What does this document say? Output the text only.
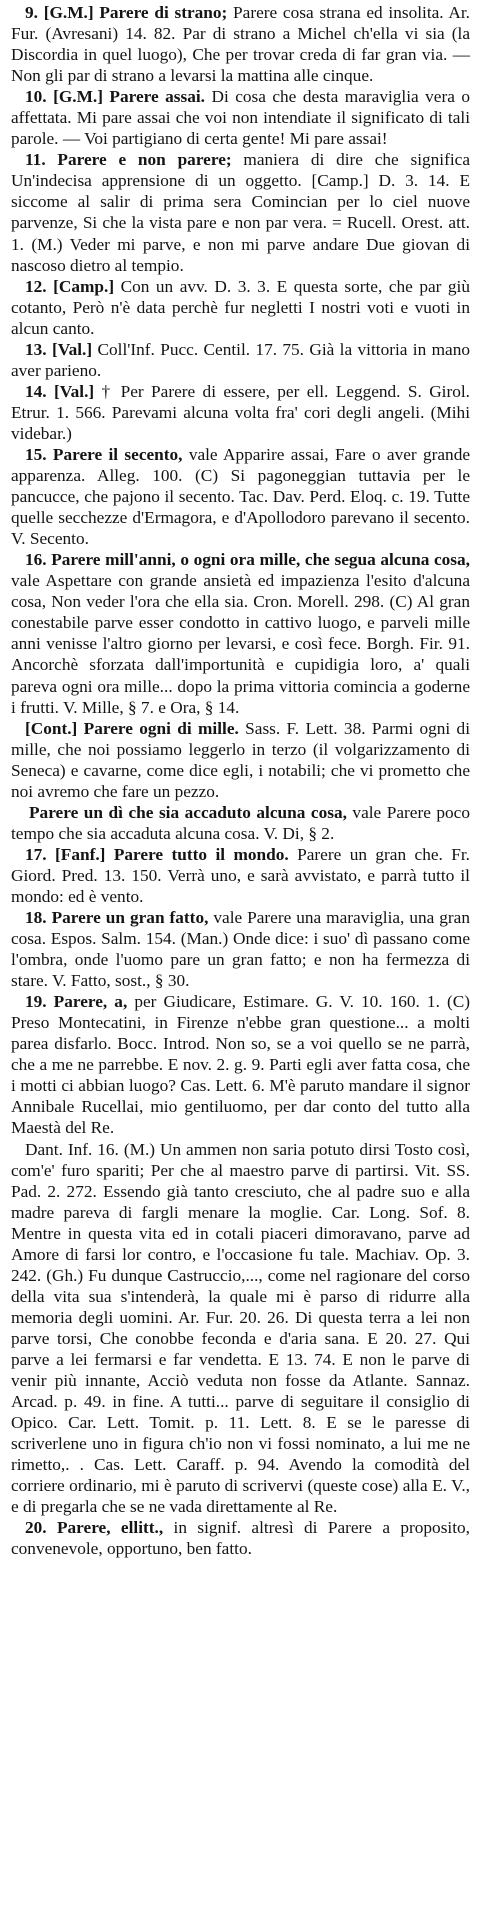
9. [G.M.] Parere di strano; Parere cosa strana ed insolita. Ar. Fur. (Avresani) 14. 82. Par di strano a Michel ch'ella vi sia (la Discordia in quel luogo), Che per trovar creda di far gran via. — Non gli par di strano a levarsi la mattina alle cinque.

10. [G.M.] Parere assai. Di cosa che desta maraviglia vera o affettata. Mi pare assai che voi non intendiate il significato di tali parole. — Voi partigiano di certa gente! Mi pare assai!

11. Parere e non parere; maniera di dire che significa Un'indecisa apprensione di un oggetto. [Camp.] D. 3. 14. E siccome al salir di prima sera Comincian per lo ciel nuove parvenze, Si che la vista pare e non par vera. = Rucell. Orest. att. 1. (M.) Veder mi parve, e non mi parve andare Due giovan di nascoso dietro al tempio.

12. [Camp.] Con un avv. D. 3. 3. E questa sorte, che par giù cotanto, Però n'è data perchè fur negletti I nostri voti e vuoti in alcun canto.

13. [Val.] Coll'Inf. Pucc. Centil. 17. 75. Già la vittoria in mano aver parieno.

14. [Val.] † Per Parere di essere, per ell. Leggend. S. Girol. Etrur. 1. 566. Parevami alcuna volta fra' cori degli angeli. (Mihi videbar.)

15. Parere il secento, vale Apparire assai, Fare o aver grande apparenza. Alleg. 100. (C) Si pagoneggian tuttavia per le pancucce, che pajono il secento. Tac. Dav. Perd. Eloq. c. 19. Tutte quelle secchezze d'Ermagora, e d'Apollodoro parevano il secento. V. Secento.

16. Parere mill'anni, o ogni ora mille, che segua alcuna cosa, vale Aspettare con grande ansietà ed impazienza l'esito d'alcuna cosa, Non veder l'ora che ella sia. Cron. Morell. 298. (C) Al gran conestabile parve esser condotto in cattivo luogo, e parveli mille anni venisse l'altro giorno per levarsi, e così fece. Borgh. Fir. 91. Ancorchè sforzata dall'importunità e cupidigia loro, a' quali pareva ogni ora mille... dopo la prima vittoria comincia a goderne i frutti. V. Mille, § 7. e Ora, § 14.

[Cont.] Parere ogni di mille. Sass. F. Lett. 38. Parmi ogni di mille, che noi possiamo leggerlo in terzo (il volgarizzamento di Seneca) e cavarne, come dice egli, i notabili; che vi prometto che noi avremo che fare un pezzo.

Parere un dì che sia accaduto alcuna cosa, vale Parere poco tempo che sia accaduta alcuna cosa. V. Di, § 2.

17. [Fanf.] Parere tutto il mondo. Parere un gran che. Fr. Giord. Pred. 13. 150. Verrà uno, e sarà avvistato, e parrà tutto il mondo: ed è vento.

18. Parere un gran fatto, vale Parere una maraviglia, una gran cosa. Espos. Salm. 154. (Man.) Onde dice: i suo' dì passano come l'ombra, onde l'uomo pare un gran fatto; e non ha fermezza di stare. V. Fatto, sost., § 30.

19. Parere, a, per Giudicare, Estimare. G. V. 10. 160. 1. (C) Preso Montecatini, in Firenze n'ebbe gran questione... a molti parea disfarlo. Bocc. Introd. Non so, se a voi quello se ne parrà, che a me ne parrebbe. E nov. 2. g. 9. Parti egli aver fatta cosa, che i motti ci abbian luogo? Cas. Lett. 6. M'è paruto mandare il signor Annibale Rucellai, mio gentiluomo, per dar conto del tutto alla Maestà del Re.

Dant. Inf. 16. (M.) Un ammen non saria potuto dirsi Tosto così, com'e' furo spariti; Per che al maestro parve di partirsi. Vit. SS. Pad. 2. 272. Essendo già tanto cresciuto, che al padre suo e alla madre pareva di fargli menare la moglie. Car. Long. Sof. 8. Mentre in questa vita ed in cotali piaceri dimoravano, parve ad Amore di farsi lor contro, e l'occasione fu tale. Machiav. Op. 3. 242. (Gh.) Fu dunque Castruccio,..., come nel ragionare del corso della vita sua s'intenderà, la quale mi è parso di ridurre alla memoria degli uomini. Ar. Fur. 20. 26. Di questa terra a lei non parve torsi, Che conobbe feconda e d'aria sana. E 20. 27. Qui parve a lei fermarsi e far vendetta. E 13. 74. E non le parve di venir più innante, Acciò veduta non fosse da Atlante. Sannaz. Arcad. p. 49. in fine. A tutti... parve di seguitare il consiglio di Opico. Car. Lett. Tomit. p. 11. Lett. 8. E se le paresse di scriverlene uno in figura ch'io non vi fossi nominato, a lui me ne rimetto,. . Cas. Lett. Caraff. p. 94. Avendo la comodità del corriere ordinario, mi è paruto di scrivervi (queste cose) alla E. V., e di pregarla che se ne vada direttamente al Re.

20. Parere, ellitt., in signif. altresì di Parere a proposito, convenevole, opportuno, ben fatto.
